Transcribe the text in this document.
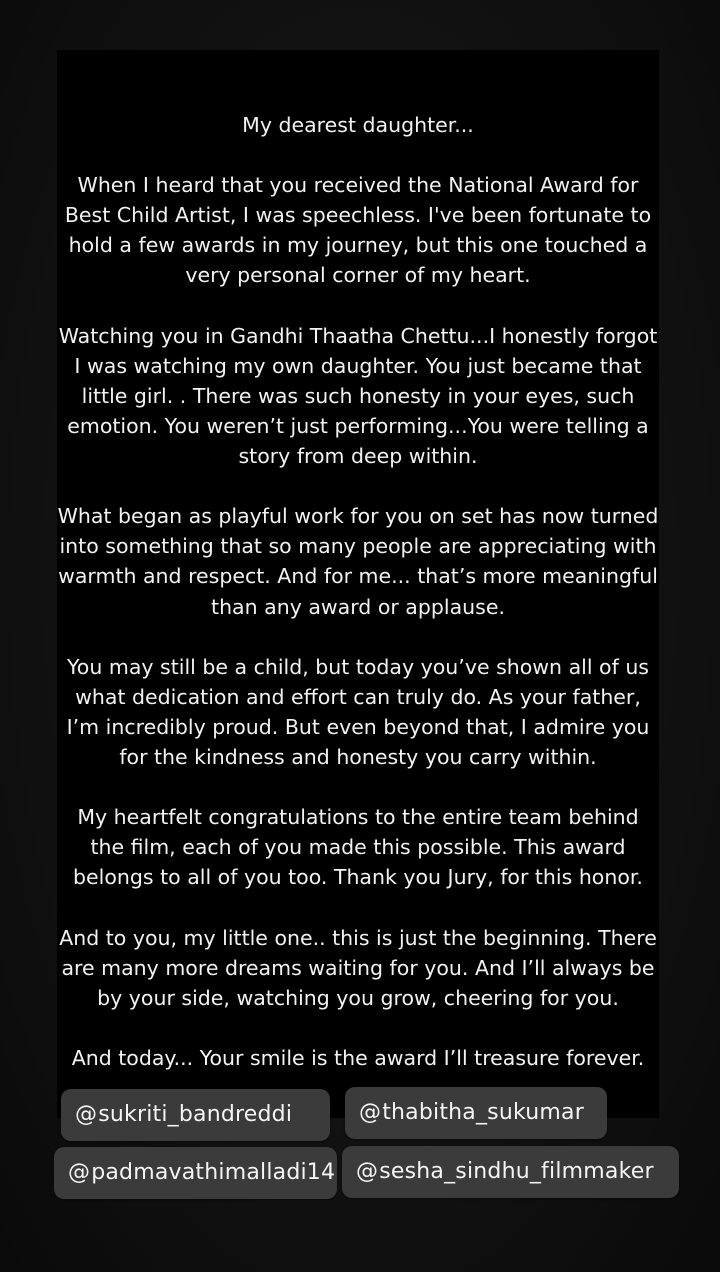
My dearest daughter...
When I heard that you received the National Award for
Best Child Artist, I was speechless. I've been fortunate to
hold a few awards in my journey, but this one touched a
very personal corner of my heart.
Watching you in Gandhi Thaatha Chettu...I honestly forgot
I was watching my own daughter. You just became that
little girl. . There was such honesty in your eyes, such
emotion. You weren’t just performing...You were telling a
story from deep within.
What began as playful work for you on set has now turned
into something that so many people are appreciating with
warmth and respect. And for me... that’s more meaningful
than any award or applause.
You may still be a child, but today you’ve shown all of us
what dedication and effort can truly do. As your father,
I’m incredibly proud. But even beyond that, I admire you
for the kindness and honesty you carry within.
My heartfelt congratulations to the entire team behind
the film, each of you made this possible. This award
belongs to all of you too. Thank you Jury, for this honor.
And to you, my little one.. this is just the beginning. There
are many more dreams waiting for you. And I’ll always be
by your side, watching you grow, cheering for you.
And today... Your smile is the award I’ll treasure forever.
@sukriti_bandreddi	@thabitha_sukumar
@padmavathimalladi14 @sesha_sindhu_filmmaker
